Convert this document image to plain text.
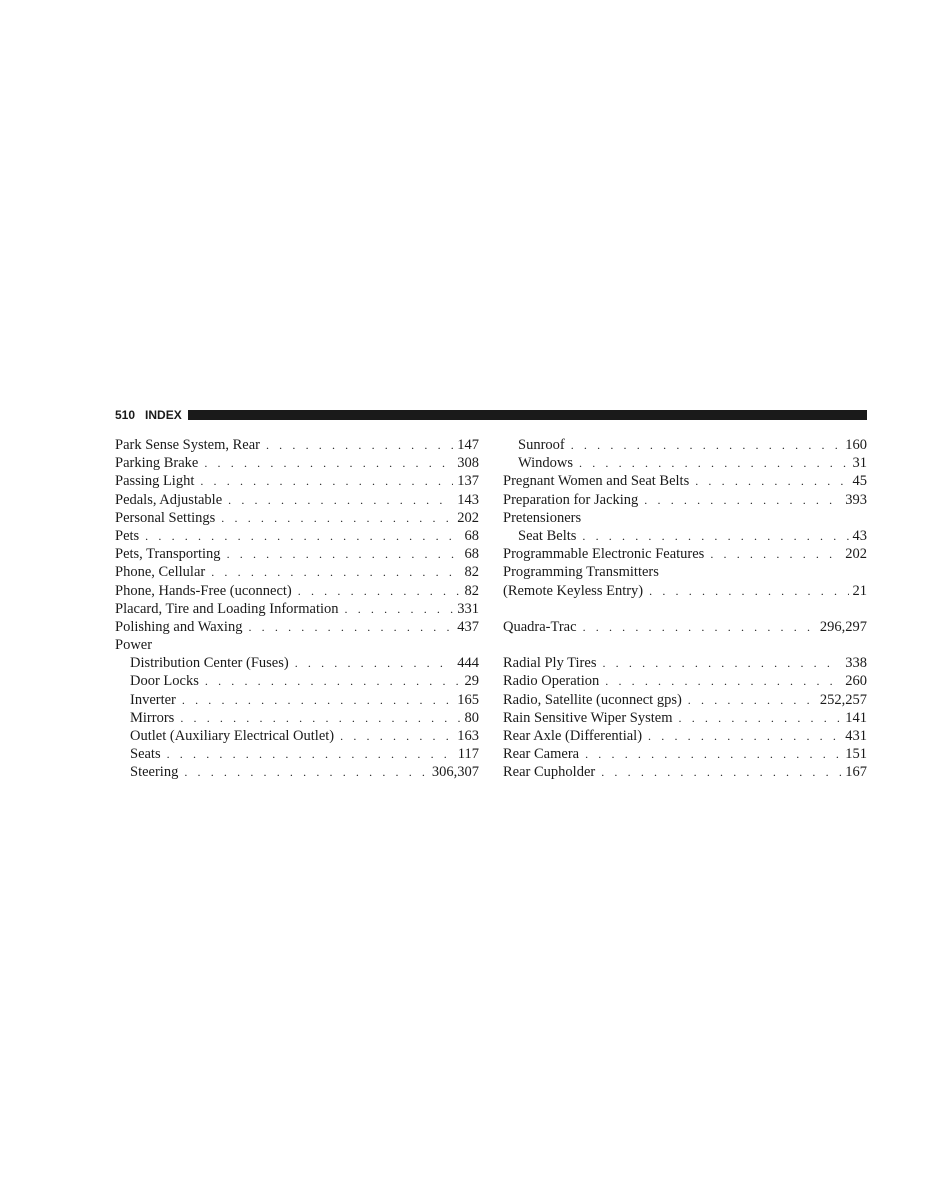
510 INDEX
Park Sense System, Rear . . .	147
Parking Brake . . .	308
Passing Light . . .	137
Pedals, Adjustable . . .	143
Personal Settings . . .	202
Pets . . .	68
Pets, Transporting . . .	68
Phone, Cellular . . .	82
Phone, Hands-Free (uconnect) . . .	82
Placard, Tire and Loading Information . . .	331
Polishing and Waxing . . .	437
Power
Distribution Center (Fuses) . . .	444
Door Locks . . .	29
Inverter . . .	165
Mirrors . . .	80
Outlet (Auxiliary Electrical Outlet) . . .	163
Seats . . .	117
Steering . . .	306,307
Sunroof . . .	160
Windows . . .	31
Pregnant Women and Seat Belts . . .	45
Preparation for Jacking . . .	393
Pretensioners
Seat Belts . . .	43
Programmable Electronic Features . . .	202
Programming Transmitters
(Remote Keyless Entry) . . .	21
Quadra-Trac . . .	296,297
Radial Ply Tires . . .	338
Radio Operation . . .	260
Radio, Satellite (uconnect gps) . . .	252,257
Rain Sensitive Wiper System . . .	141
Rear Axle (Differential) . . .	431
Rear Camera . . .	151
Rear Cupholder . . .	167
